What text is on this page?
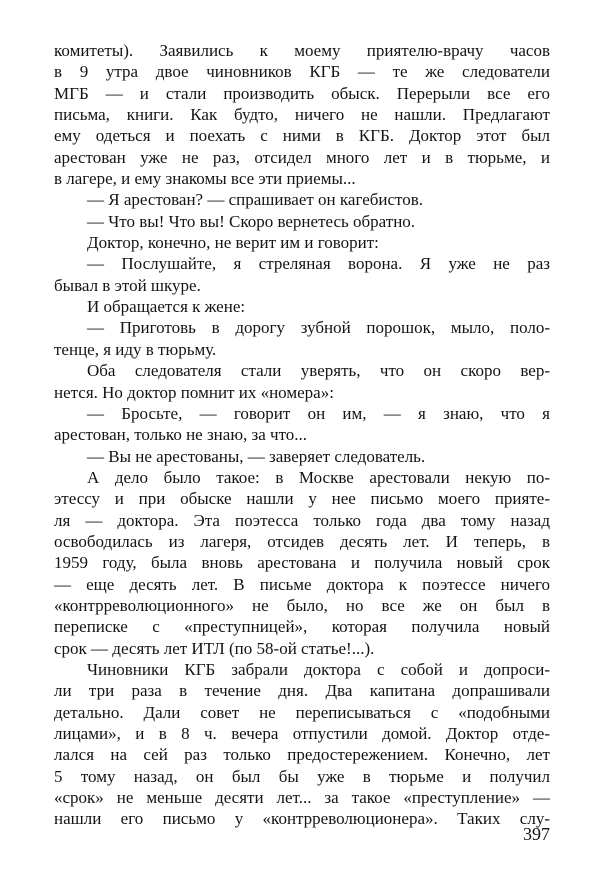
комитеты). Заявились к моему приятелю-врачу часов
в 9 утра двое чиновников КГБ — те же следователи
МГБ — и стали производить обыск. Перерыли все его
письма, книги. Как будто, ничего не нашли. Предлагают
ему одеться и поехать с ними в КГБ. Доктор этот был
арестован уже не раз, отсидел много лет и в тюрьме, и
в лагере, и ему знакомы все эти приемы...
— Я арестован? — спрашивает он кагебистов.
— Что вы! Что вы! Скоро вернетесь обратно.
Доктор, конечно, не верит им и говорит:
— Послушайте, я стреляная ворона. Я уже не раз
бывал в этой шкуре.
И обращается к жене:
— Приготовь в дорогу зубной порошок, мыло, поло-
тенце, я иду в тюрьму.
Оба следователя стали уверять, что он скоро вер-
нется. Но доктор помнит их «номера»:
— Бросьте, — говорит он им, — я знаю, что я
арестован, только не знаю, за что...
— Вы не арестованы, — заверяет следователь.
А дело было такое: в Москве арестовали некую по-
этессу и при обыске нашли у нее письмо моего прияте-
ля — доктора. Эта поэтесса только года два тому назад
освободилась из лагеря, отсидев десять лет. И теперь, в
1959 году, была вновь арестована и получила новый срок
— еще десять лет. В письме доктора к поэтессе ничего
«контрреволюционного» не было, но все же он был в
переписке с «преступницей», которая получила новый
срок — десять лет ИТЛ (по 58-ой статье!...).
Чиновники КГБ забрали доктора с собой и допроси-
ли три раза в течение дня. Два капитана допрашивали
детально. Дали совет не переписываться с «подобными
лицами», и в 8 ч. вечера отпустили домой. Доктор отде-
лался на сей раз только предостережением. Конечно, лет
5 тому назад, он был бы уже в тюрьме и получил
«срок» не меньше десяти лет... за такое «преступление» —
нашли его письмо у «контрреволюционера». Таких слу-
397
